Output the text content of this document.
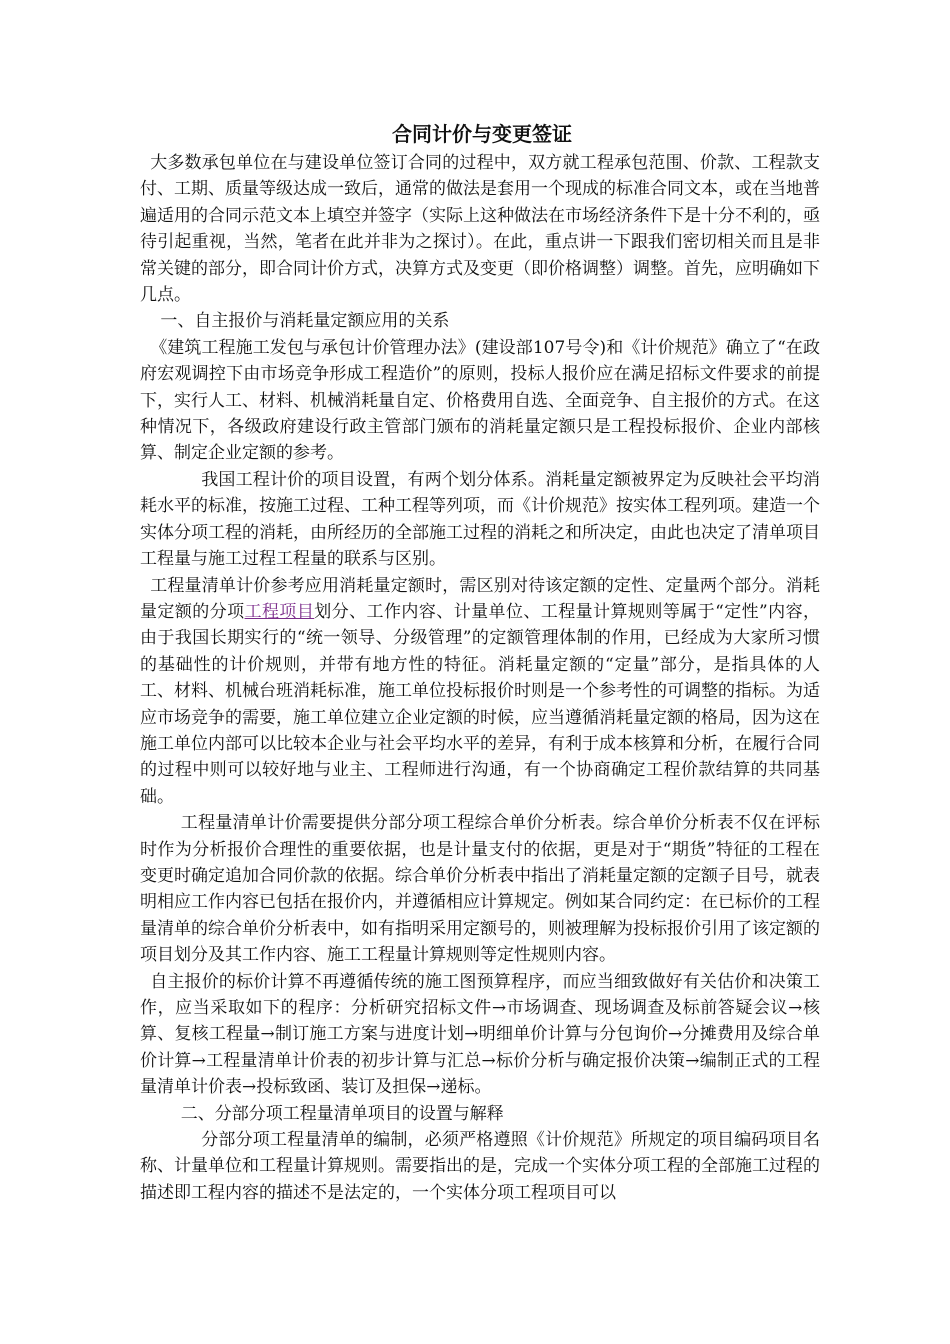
合同计价与变更签证

大多数承包单位在与建设单位签订合同的过程中，双方就工程承包范围、价款、工程款支付、工期、质量等级达成一致后，通常的做法是套用一个现成的标准合同文本，或在当地普遍适用的合同示范文本上填空并签字（实际上这种做法在市场经济条件下是十分不利的，亟待引起重视，当然，笔者在此并非为之探讨）。在此，重点讲一下跟我们密切相关而且是非常关键的部分，即合同计价方式，决算方式及变更（即价格调整）调整。首先，应明确如下几点。

一、自主报价与消耗量定额应用的关系

《建筑工程施工发包与承包计价管理办法》(建设部107号令)和《计价规范》确立了“在政府宏观调控下由市场竞争形成工程造价”的原则，投标人报价应在满足招标文件要求的前提下，实行人工、材料、机械消耗量自定、价格费用自选、全面竞争、自主报价的方式。在这种情况下，各级政府建设行政主管部门颁布的消耗量定额只是工程投标报价、企业内部核算、制定企业定额的参考。

我国工程计价的项目设置，有两个划分体系。消耗量定额被界定为反映社会平均消耗水平的标准，按施工过程、工种工程等列项，而《计价规范》按实体工程列项。建造一个实体分项工程的消耗，由所经历的全部施工过程的消耗之和所决定，由此也决定了清单项目工程量与施工过程工程量的联系与区别。

工程量清单计价参考应用消耗量定额时，需区别对待该定额的定性、定量两个部分。消耗量定额的分项工程项目划分、工作内容、计量单位、工程量计算规则等属于“定性”内容，由于我国长期实行的“统一领导、分级管理”的定额管理体制的作用，已经成为大家所习惯的基础性的计价规则，并带有地方性的特征。消耗量定额的“定量”部分，是指具体的人工、材料、机械台班消耗标准，施工单位投标报价时则是一个参考性的可调整的指标。为适应市场竞争的需要，施工单位建立企业定额的时候，应当遵循消耗量定额的格局，因为这在施工单位内部可以比较本企业与社会平均水平的差异，有利于成本核算和分析，在履行合同的过程中则可以较好地与业主、工程师进行沟通，有一个协商确定工程价款结算的共同基础。

工程量清单计价需要提供分部分项工程综合单价分析表。综合单价分析表不仅在评标时作为分析报价合理性的重要依据，也是计量支付的依据，更是对于“期货”特征的工程在变更时确定追加合同价款的依据。综合单价分析表中指出了消耗量定额的定额子目号，就表明相应工作内容已包括在报价内，并遵循相应计算规定。例如某合同约定：在已标价的工程量清单的综合单价分析表中，如有指明采用定额号的，则被理解为投标报价引用了该定额的项目划分及其工作内容、施工工程量计算规则等定性规则内容。

自主报价的标价计算不再遵循传统的施工图预算程序，而应当细致做好有关估价和决策工作，应当采取如下的程序：分析研究招标文件→市场调查、现场调查及标前答疑会议→核算、复核工程量→制订施工方案与进度计划→明细单价计算与分包询价→分摊费用及综合单价计算→工程量清单计价表的初步计算与汇总→标价分析与确定报价决策→编制正式的工程量清单计价表→投标致函、装订及担保→递标。

二、分部分项工程量清单项目的设置与解释

分部分项工程量清单的编制，必须严格遵照《计价规范》所规定的项目编码项目名称、计量单位和工程量计算规则。需要指出的是，完成一个实体分项工程的全部施工过程的描述即工程内容的描述不是法定的，一个实体分项工程项目可以
